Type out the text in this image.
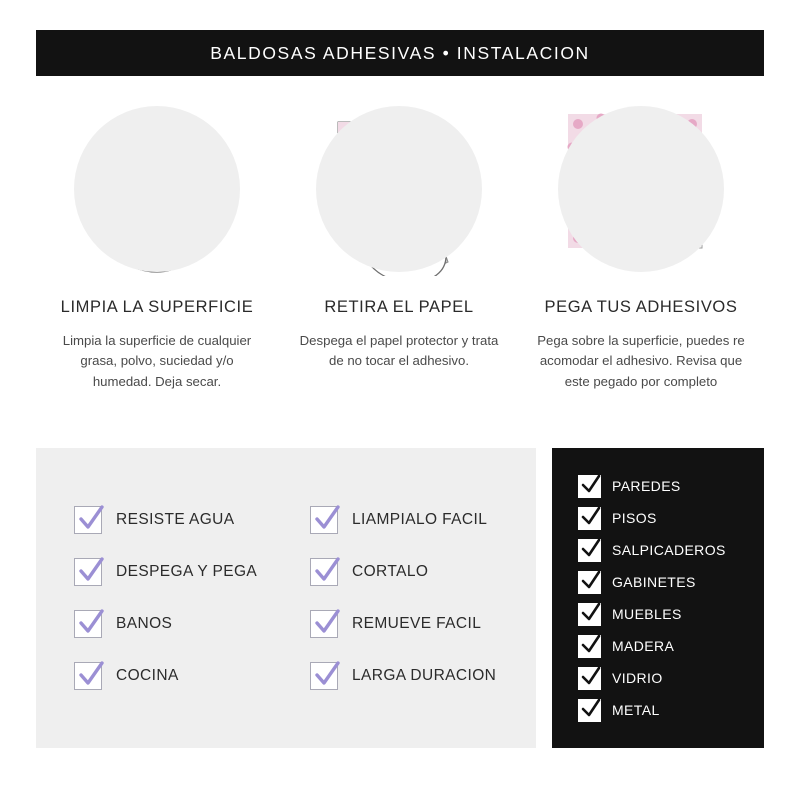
BALDOSAS ADHESIVAS • INSTALACION
LIMPIA LA SUPERFICIE
Limpia la superficie de cualquier grasa, polvo, suciedad y/o humedad. Deja secar.
RETIRA EL PAPEL
Despega el papel protector y trata de no tocar el adhesivo.
PEGA TUS ADHESIVOS
Pega sobre la superficie, puedes re acomodar el adhesivo. Revisa que este pegado por completo
RESISTE AGUA
DESPEGA Y PEGA
BANOS
COCINA
LIAMPIALO FACIL
CORTALO
REMUEVE FACIL
LARGA DURACION
PAREDES
PISOS
SALPICADEROS
GABINETES
MUEBLES
MADERA
VIDRIO
METAL
